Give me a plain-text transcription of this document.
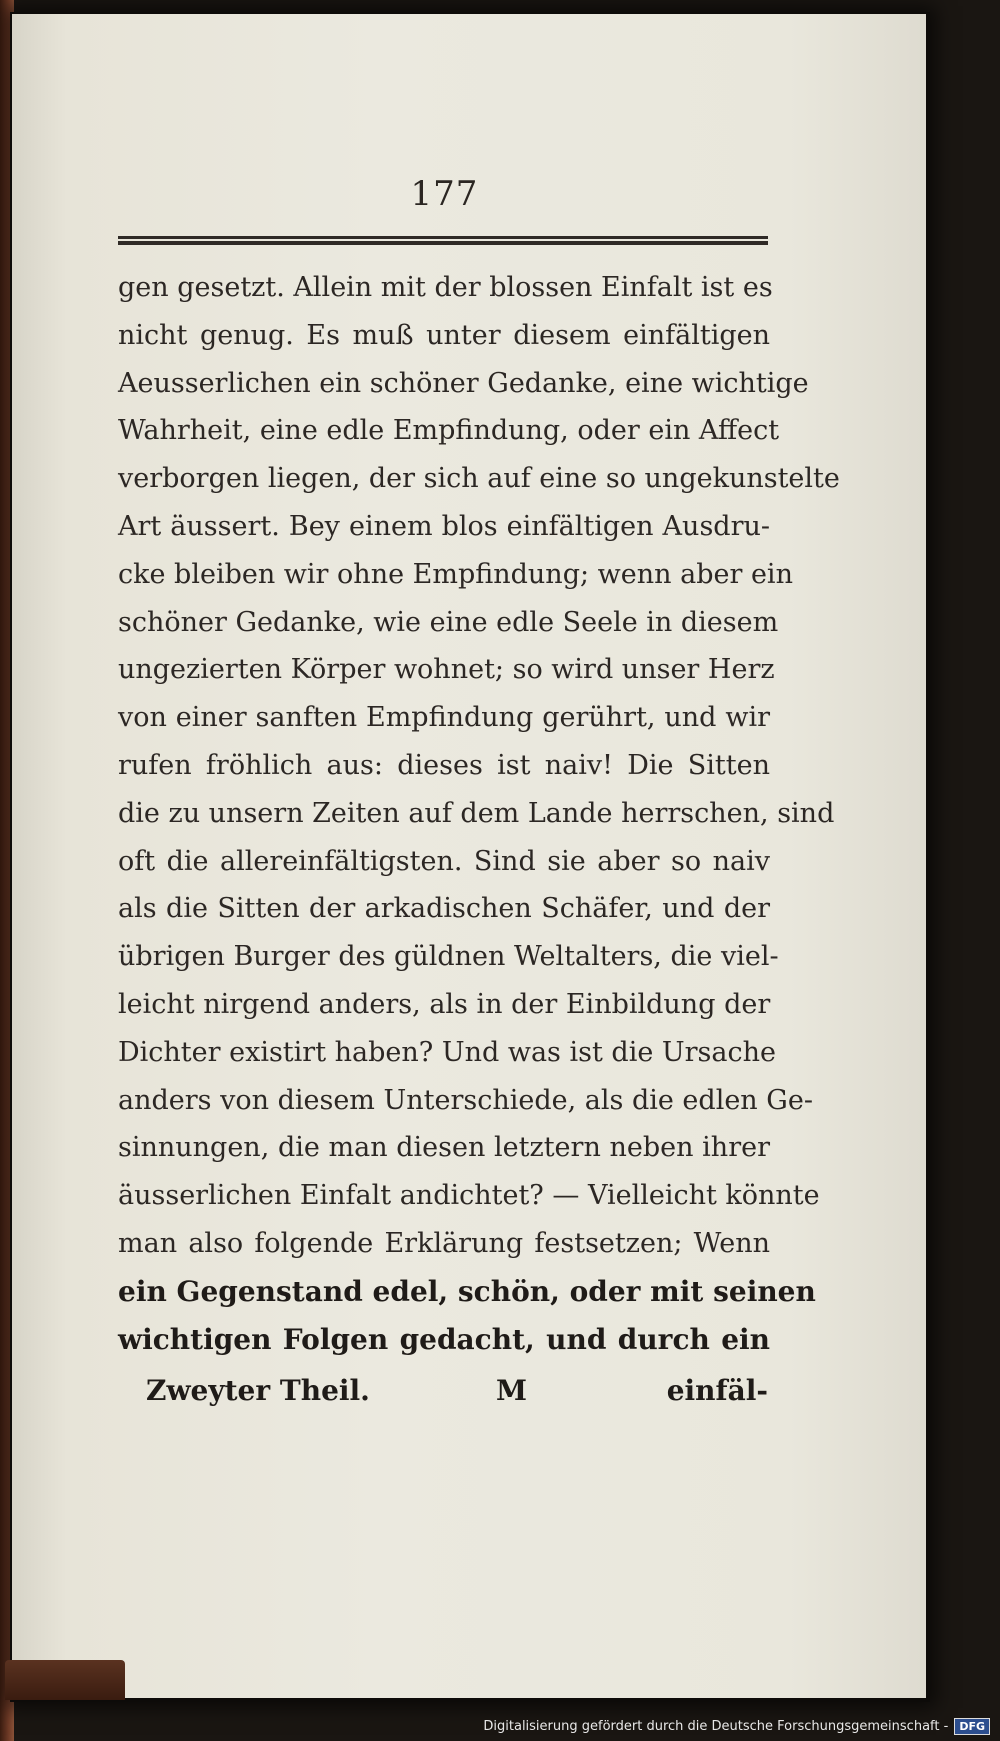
177
gen gesetzt. Allein mit der blossen Einfalt ist es
nicht genug. Es muß unter diesem einfältigen
Aeusserlichen ein schöner Gedanke, eine wichtige
Wahrheit, eine edle Empfindung, oder ein Affect
verborgen liegen, der sich auf eine so ungekunstelte
Art äussert. Bey einem blos einfältigen Ausdru-
cke bleiben wir ohne Empfindung; wenn aber ein
schöner Gedanke, wie eine edle Seele in diesem
ungezierten Körper wohnet; so wird unser Herz
von einer sanften Empfindung gerührt, und wir
rufen fröhlich aus: dieses ist naiv! Die Sitten
die zu unsern Zeiten auf dem Lande herrschen, sind
oft die allereinfältigsten. Sind sie aber so naiv
als die Sitten der arkadischen Schäfer, und der
übrigen Burger des güldnen Weltalters, die viel-
leicht nirgend anders, als in der Einbildung der
Dichter existirt haben? Und was ist die Ursache
anders von diesem Unterschiede, als die edlen Ge-
sinnungen, die man diesen letztern neben ihrer
äusserlichen Einfalt andichtet? — Vielleicht könnte
man also folgende Erklärung festsetzen; Wenn
ein Gegenstand edel, schön, oder mit seinen
wichtigen Folgen gedacht, und durch ein
Zweyter Theil.	M	einfäl-
Digitalisierung gefördert durch die Deutsche Forschungsgemeinschaft -	DFG
